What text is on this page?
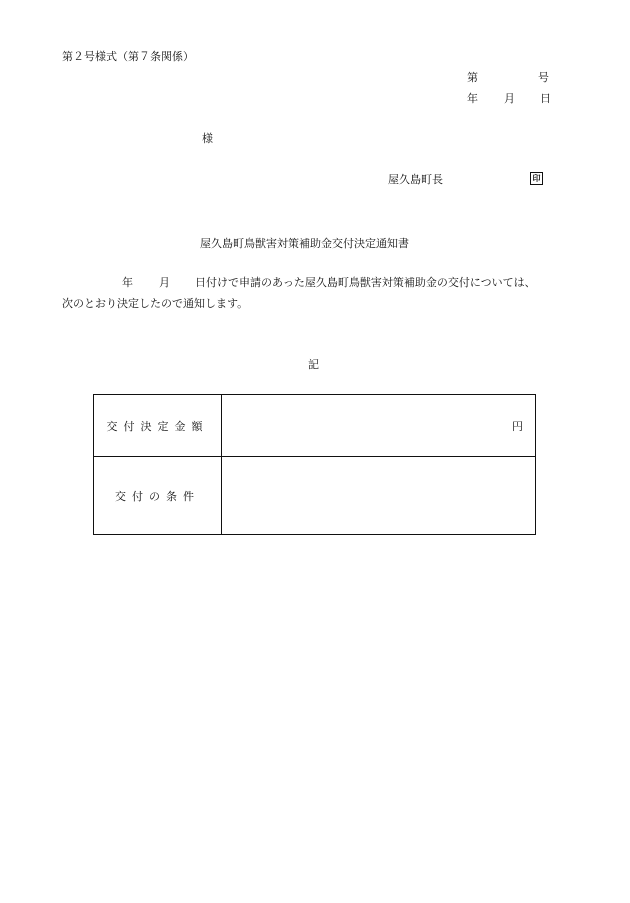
第２号様式（第７条関係）
第	号
年 月 日
様
屋久島町長	印
屋久島町鳥獣害対策補助金交付決定通知書
年 月 日付けで申請のあった屋久島町鳥獣害対策補助金の交付については、
次のとおり決定したので通知します。
記
交付決定金額	円
交付の条件	
